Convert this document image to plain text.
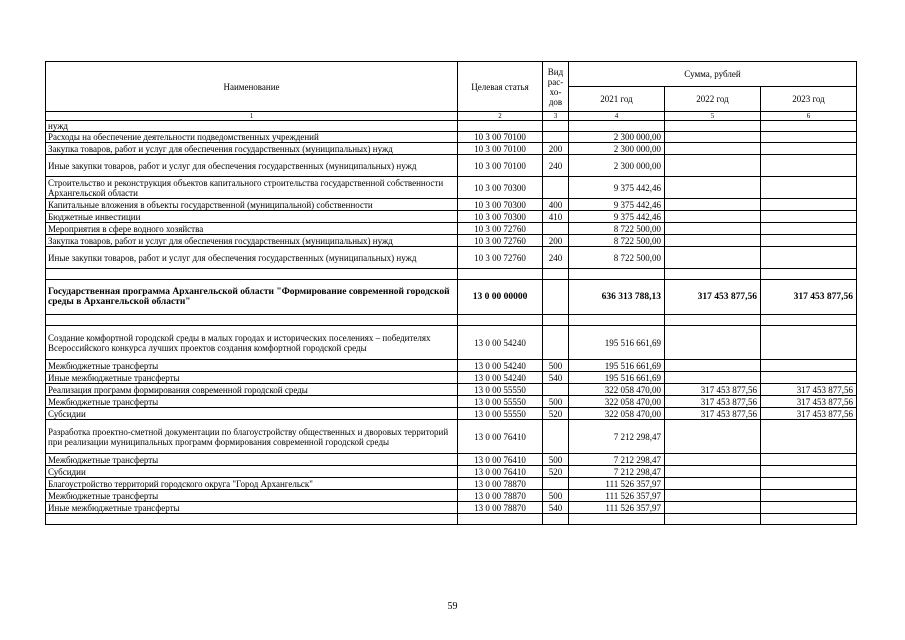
Наименование	Целевая статья	Вид рас-хо-дов	Сумма, рублей		
			2021 год	2022 год	2023 год
1	2	3	4	5	6
нужд					
Расходы на обеспечение деятельности подведомственных учреждений	10 3 00 70100		2 300 000,00		
Закупка товаров, работ и услуг для обеспечения государственных (муниципальных) нужд	10 3 00 70100	200	2 300 000,00		
Иные закупки товаров, работ и услуг для обеспечения государственных (муниципальных) нужд	10 3 00 70100	240	2 300 000,00		
Строительство и реконструкция объектов капитального строительства государственной собственности Архангельской области	10 3 00 70300		9 375 442,46		
Капитальные вложения в объекты государственной (муниципальной) собственности	10 3 00 70300	400	9 375 442,46		
Бюджетные инвестиции	10 3 00 70300	410	9 375 442,46		
Мероприятия в сфере водного хозяйства	10 3 00 72760		8 722 500,00		
Закупка товаров, работ и услуг для обеспечения государственных (муниципальных) нужд	10 3 00 72760	200	8 722 500,00		
Иные закупки товаров, работ и услуг для обеспечения государственных (муниципальных) нужд	10 3 00 72760	240	8 722 500,00		

Государственная программа Архангельской области "Формирование современной городской среды в Архангельской области"	13 0 00 00000		636 313 788,13	317 453 877,56	317 453 877,56

Создание комфортной городской среды в малых городах и исторических поселениях – победителях Всероссийского конкурса лучших проектов создания комфортной городской среды	13 0 00 54240		195 516 661,69		
Межбюджетные трансферты	13 0 00 54240	500	195 516 661,69		
Иные межбюджетные трансферты	13 0 00 54240	540	195 516 661,69		
Реализация программ формирования современной городской среды	13 0 00 55550		322 058 470,00	317 453 877,56	317 453 877,56
Межбюджетные трансферты	13 0 00 55550	500	322 058 470,00	317 453 877,56	317 453 877,56
Субсидии	13 0 00 55550	520	322 058 470,00	317 453 877,56	317 453 877,56
Разработка проектно-сметной документации по благоустройству общественных и дворовых территорий при реализации муниципальных программ формирования современной городской среды	13 0 00 76410		7 212 298,47		
Межбюджетные трансферты	13 0 00 76410	500	7 212 298,47		
Субсидии	13 0 00 76410	520	7 212 298,47		
Благоустройство территорий городского округа "Город Архангельск"	13 0 00 78870		111 526 357,97		
Межбюджетные трансферты	13 0 00 78870	500	111 526 357,97		
Иные межбюджетные трансферты	13 0 00 78870	540	111 526 357,97		

59
